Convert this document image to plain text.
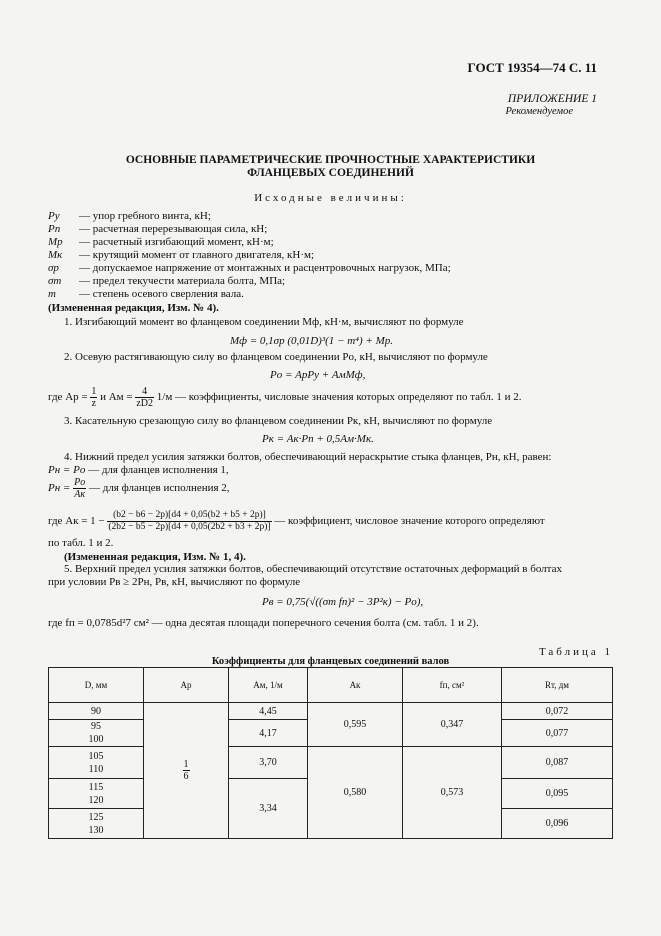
ГОСТ 19354—74 С. 11
ПРИЛОЖЕНИЕ 1
Рекомендуемое
ОСНОВНЫЕ ПАРАМЕТРИЧЕСКИЕ ПРОЧНОСТНЫЕ ХАРАКТЕРИСТИКИ
ФЛАНЦЕВЫХ СОЕДИНЕНИЙ
Исходные величины:
Pу	— упор гребного винта, кН;
Pп	— расчетная перерезывающая сила, кН;
Mр	— расчетный изгибающий момент, кН·м;
Mк	— крутящий момент от главного двигателя, кН·м;
σр	— допускаемое напряжение от монтажных и расцентровочных нагрузок, МПа;
σт	— предел текучести материала болта, МПа;
m	— степень осевого сверления вала.
(Измененная редакция, Изм. № 4).
1. Изгибающий момент во фланцевом соединении Mф, кН·м, вычисляют по формуле
Mф = 0,1σр (0,01D)³(1 − m⁴) + Mр.
2. Осевую растягивающую силу во фланцевом соединении Pо, кН, вычисляют по формуле
Pо = АрPу + АмMф,
где Ар = $\frac{1}{z}$ и Ам = $\frac{4}{zD2} 1/м$ — коэффициенты, числовые значения которых определяют по табл. 1 и 2.
3. Касательную срезающую силу во фланцевом соединении Pк, кН, вычисляют по формуле
Pк = Ак·Pп + 0,5Ам·Mк.
4. Нижний предел усилия затяжки болтов, обеспечивающий нераскрытие стыка фланцев, Pн, кН, равен:
Pн = Pо — для фланцев исполнения 1,
Pн = $\frac{Pо}{Ак}$ — для фланцев исполнения 2,
где Ак = $1 - \frac{(b2 - b6 - 2p)[d4 + 0,05(b2 + b5 + 2p)]}{(2b2 - b5 - 2p)[d4 + 0,05(2b2 + b3 + 2p)]}$ — коэффициент, числовое значение которого определяют
по табл. 1 и 2.
(Измененная редакция, Изм. № 1, 4).
5. Верхний предел усилия затяжки болтов, обеспечивающий отсутствие остаточных деформаций в болтах
при условии Pв ≥ 2Pн, Pв, кН, вычисляют по формуле
Pв = 0,75(√((σт fп)² − 3P²к) − Pо),
где fп = 0,0785d²7 см² — одна десятая площади поперечного сечения болта (см. табл. 1 и 2).
Таблица 1
Коэффициенты для фланцевых соединений валов
D, мм	Ар	Ам, 1/м	Ак	fп, см²	Rт, дм
90	$\frac{1}{6}$	4,45	0,595	0,347	0,072

95
100		4,17			0,077

105
110		3,70	0,580	0,573	0,087

115
120		3,34			0,095

125
130					0,096
